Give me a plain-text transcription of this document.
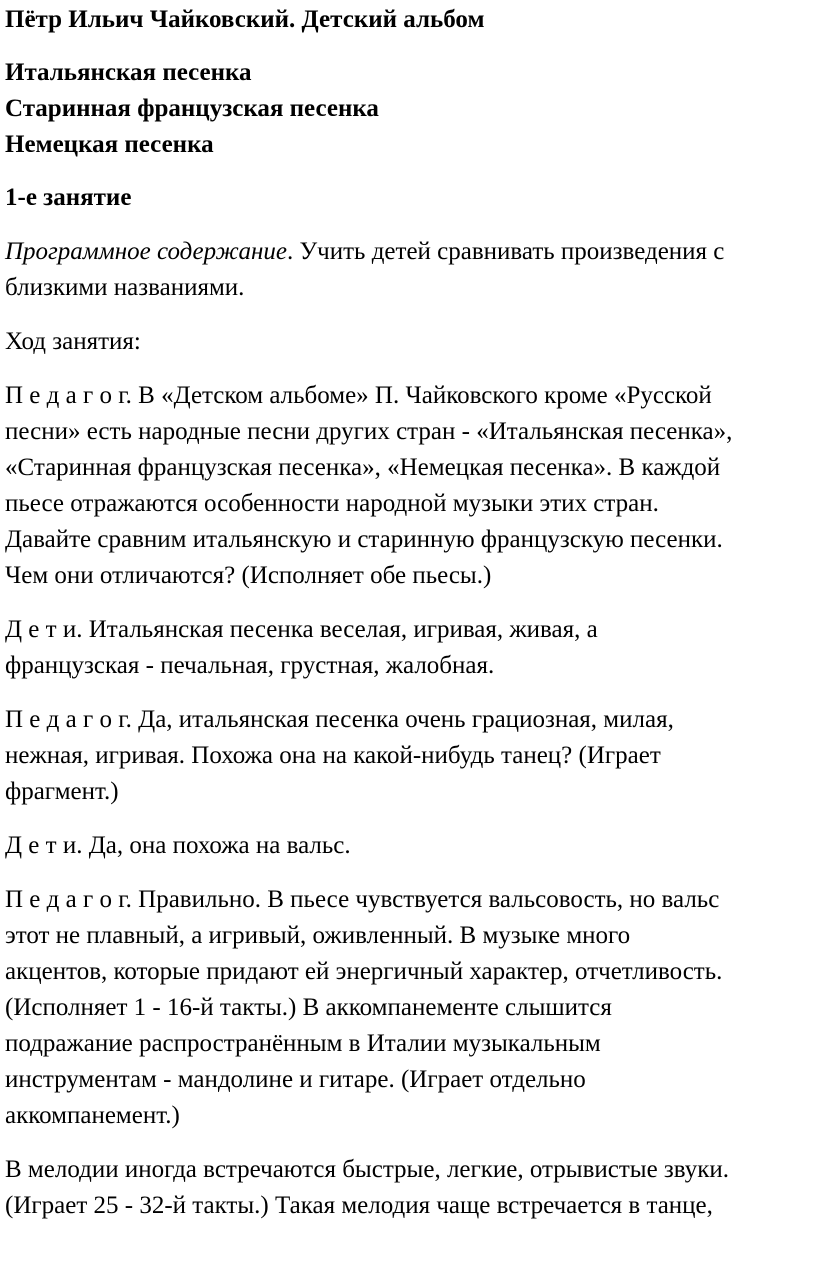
Пётр Ильич Чайковский. Детский альбом
Итальянская песенка
Старинная французская песенка
Немецкая песенка
1-е занятие
Программное содержание. Учить детей сравнивать произведения с
близкими названиями.
Ход занятия:
П е д а г о г. В «Детском альбоме» П. Чайковского кроме «Русской
песни» есть народные песни других стран - «Итальянская песенка»,
«Старинная французская песенка», «Немецкая песенка». В каждой
пьесе отражаются особенности народной музыки этих стран.
Давайте сравним итальянскую и старинную французскую песенки.
Чем они отличаются? (Исполняет обе пьесы.)
Д е т и. Итальянская песенка веселая, игривая, живая, а
французская - печальная, грустная, жалобная.
П е д а г о г. Да, итальянская песенка очень грациозная, милая,
нежная, игривая. Похожа она на какой-нибудь танец? (Играет
фрагмент.)
Д е т и. Да, она похожа на вальс.
П е д а г о г. Правильно. В пьесе чувствуется вальсовость, но вальс
этот не плавный, а игривый, оживленный. В музыке много
акцентов, которые придают ей энергичный характер, отчетливость.
(Исполняет 1 - 16-й такты.) В аккомпанементе слышится
подражание распространённым в Италии музыкальным
инструментам - мандолине и гитаре. (Играет отдельно
аккомпанемент.)
В мелодии иногда встречаются быстрые, легкие, отрывистые звуки.
(Играет 25 - 32-й такты.) Такая мелодия чаще встречается в танце,
